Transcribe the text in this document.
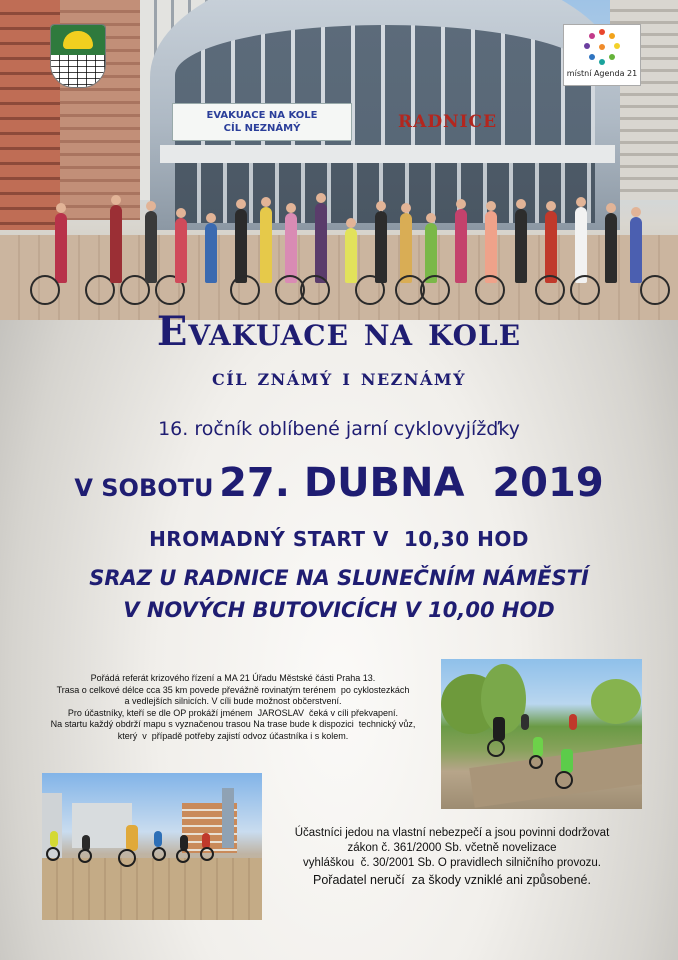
EVAKUACE NA KOLE
CÍL NEZNÁMÝ	RADNICE
místní Agenda 21
Evakuace na kole
cíl známý i neznámý
16. ročník oblíbené jarní cyklovyjížďky
V SOBOTU 27. DUBNA  2019
HROMADNÝ START V  10,30 HOD
SRAZ U RADNICE NA SLUNEČNÍM NÁMĚSTÍ
V NOVÝCH BUTOVICÍCH V 10,00 HOD
Pořádá referát krizového řízení a MA 21 Úřadu Městské části Praha 13.
Trasa o celkové délce cca 35 km povede převážně rovinatým terénem  po cyklostezkách
a vedlejších silnicích. V cíli bude možnost občerstvení.
Pro účastníky, kteří se dle OP prokáží jménem  JAROSLAV  čeká v cíli překvapení.
Na startu každý obdrží mapu s vyznačenou trasou Na trase bude k dispozici  technický vůz,
který  v  případě potřeby zajistí odvoz účastníka i s kolem.
Účastníci jedou na vlastní nebezpečí a jsou povinni dodržovat
zákon č. 361/2000 Sb. včetně novelizace
vyhláškou  č. 30/2001 Sb. O pravidlech silničního provozu.
Pořadatel neručí  za škody vzniklé ani způsobené.
